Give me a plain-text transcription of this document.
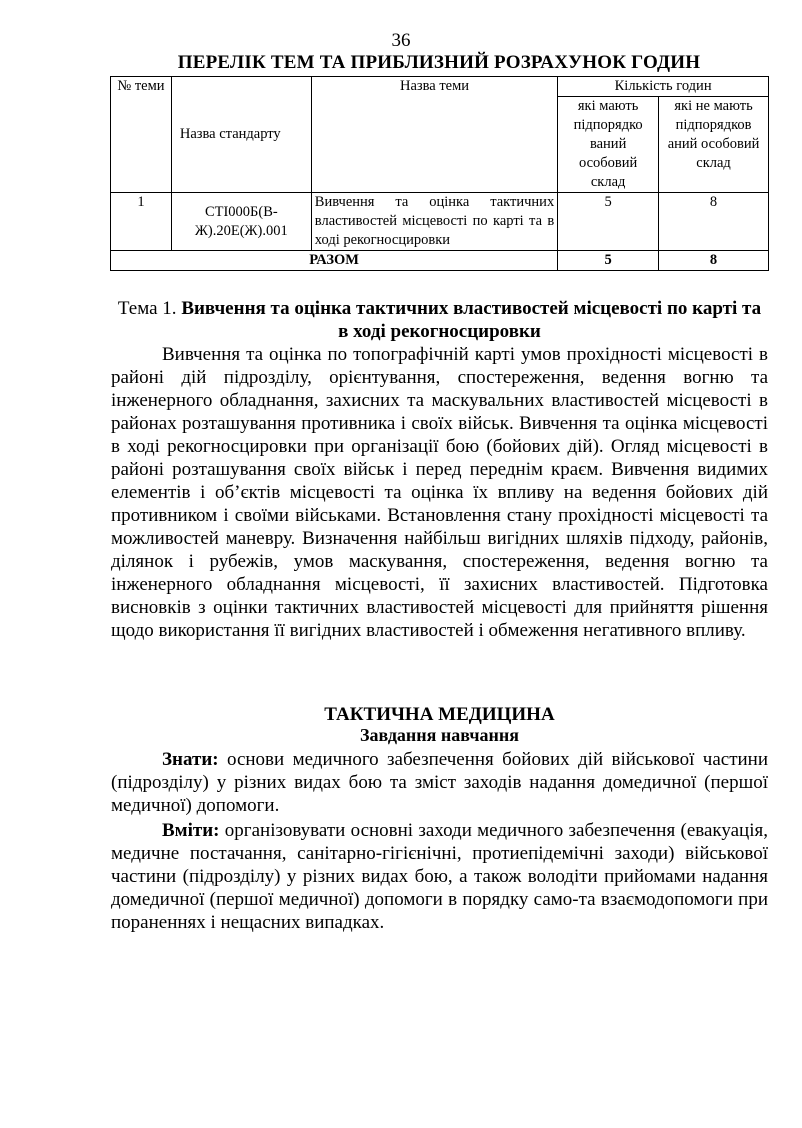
36
ПЕРЕЛІК ТЕМ ТА ПРИБЛИЗНИЙ РОЗРАХУНОК ГОДИН
№ теми	Назва стандарту	Назва теми	Кількість годин	
			які мають підпорядко ваний особовий склад	які не мають підпорядков аний особовий склад
1	СТІ000Б(В-Ж).20Е(Ж).001	Вивчення та оцінка тактичних властивостей місцевості по карті та в ході рекогносцировки	5	8
РАЗОМ			5	8
Тема 1. Вивчення та оцінка тактичних властивостей місцевості по карті та в ході рекогносцировки
Вивчення та оцінка по топографічній карті умов прохідності місцевості в районі дій підрозділу, орієнтування, спостереження, ведення вогню та інженерного обладнання, захисних та маскувальних властивостей місцевості в районах розташування противника і своїх військ. Вивчення та оцінка місцевості в ході рекогносцировки при організації бою (бойових дій). Огляд місцевості в районі розташування своїх військ і перед переднім краєм. Вивчення видимих елементів і об’єктів місцевості та оцінка їх впливу на ведення бойових дій противником і своїми військами. Встановлення стану прохідності місцевості та можливостей маневру. Визначення найбільш вигідних шляхів підходу, районів, ділянок і рубежів, умов маскування, спостереження, ведення вогню та інженерного обладнання місцевості, її захисних властивостей. Підготовка висновків з оцінки тактичних властивостей місцевості для прийняття рішення щодо використання її вигідних властивостей і обмеження негативного впливу.
ТАКТИЧНА МЕДИЦИНА
Завдання навчання
Знати: основи медичного забезпечення бойових дій військової частини (підрозділу) у різних видах бою та зміст заходів надання домедичної (першої медичної) допомоги.
Вміти: організовувати основні заходи медичного забезпечення (евакуація, медичне постачання, санітарно-гігієнічні, протиепідемічні заходи) військової частини (підрозділу) у різних видах бою, а також володіти прийомами надання домедичної (першої медичної) допомоги в порядку само-та взаємодопомоги при пораненнях і нещасних випадках.
